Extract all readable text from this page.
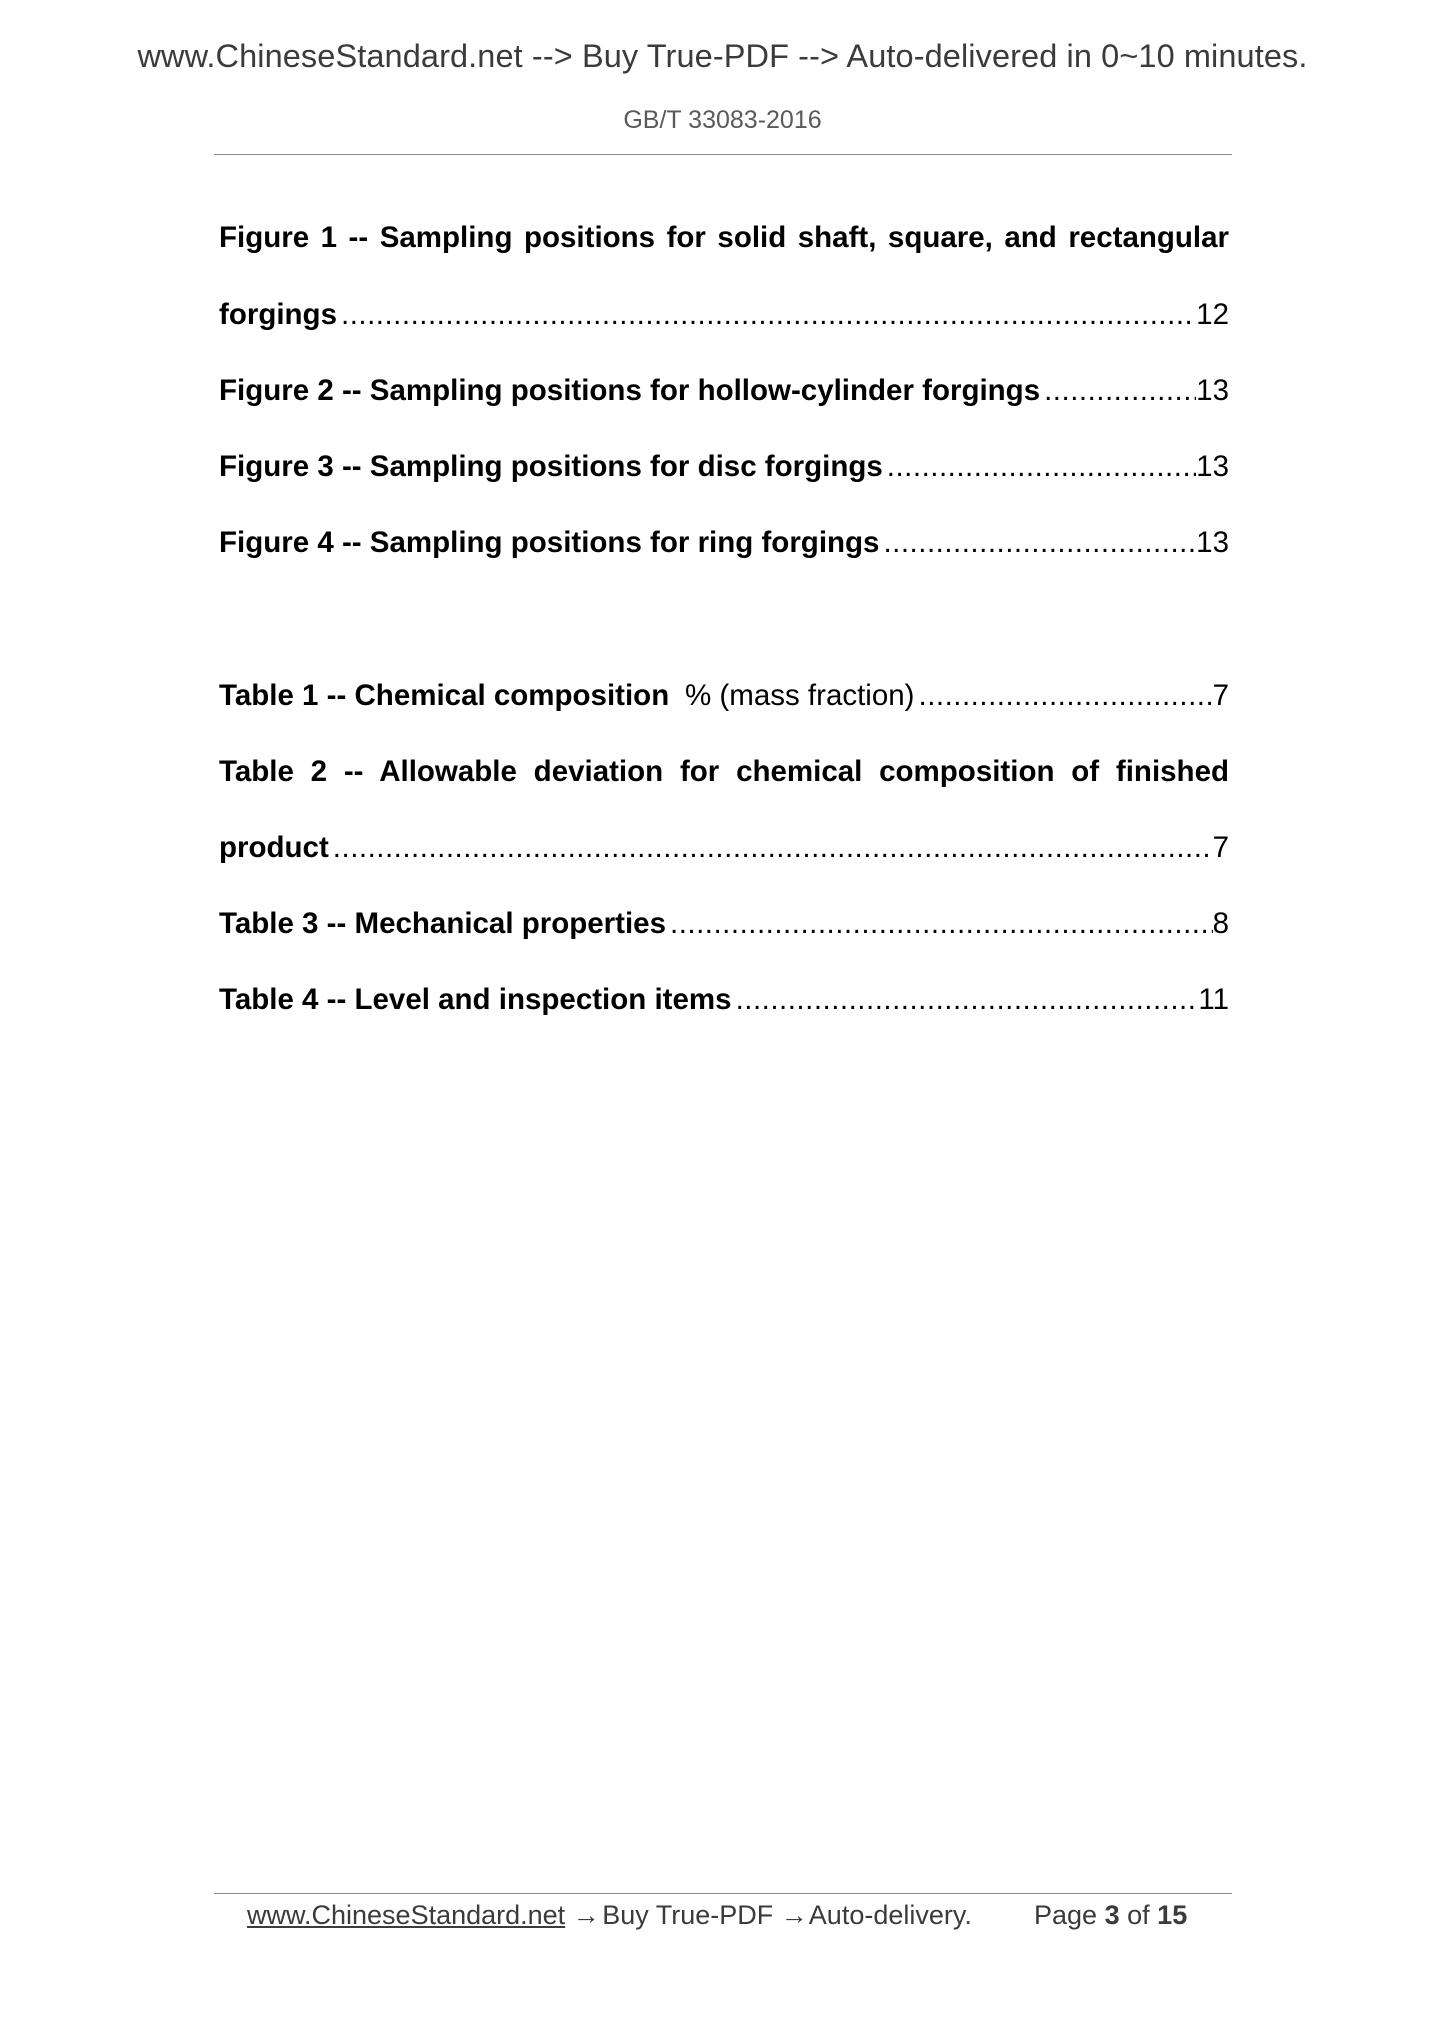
www.ChineseStandard.net --> Buy True-PDF --> Auto-delivered in 0~10 minutes.
GB/T 33083-2016
Figure 1 -- Sampling positions for solid shaft, square, and rectangular
forgings .....	12
Figure 2 -- Sampling positions for hollow-cylinder forgings .....	13
Figure 3 -- Sampling positions for disc forgings .....	13
Figure 4 -- Sampling positions for ring forgings .....	13
Table 1 -- Chemical composition % (mass fraction) .....	7
Table 2 -- Allowable deviation for chemical composition of finished
product .....	7
Table 3 -- Mechanical properties .....	8
Table 4 -- Level and inspection items .....	11
www.ChineseStandard.net → Buy True-PDF → Auto-delivery. Page 3 of 15
